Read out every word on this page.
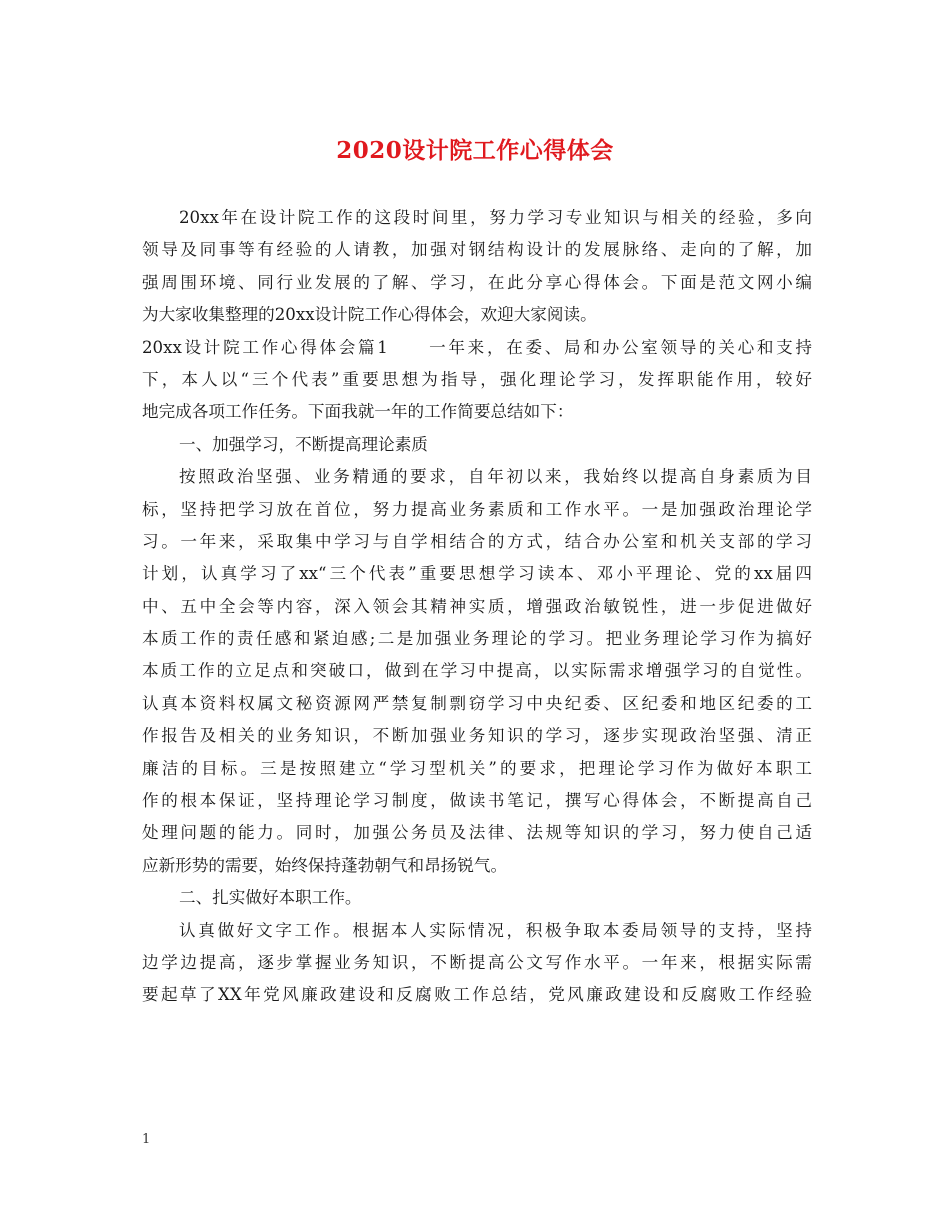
2020设计院工作心得体会
20xx年在设计院工作的这段时间里，努力学习专业知识与相关的经验，多向
领导及同事等有经验的人请教，加强对钢结构设计的发展脉络、走向的了解，加
强周围环境、同行业发展的了解、学习，在此分享心得体会。下面是范文网小编
为大家收集整理的20xx设计院工作心得体会，欢迎大家阅读。
20xx设计院工作心得体会篇1　　一年来，在委、局和办公室领导的关心和支持
下，本人以“三个代表”重要思想为指导，强化理论学习，发挥职能作用，较好
地完成各项工作任务。下面我就一年的工作简要总结如下：
一、加强学习，不断提高理论素质
按照政治坚强、业务精通的要求，自年初以来，我始终以提高自身素质为目
标，坚持把学习放在首位，努力提高业务素质和工作水平。一是加强政治理论学
习。一年来，采取集中学习与自学相结合的方式，结合办公室和机关支部的学习
计划，认真学习了xx“三个代表”重要思想学习读本、邓小平理论、党的xx届四
中、五中全会等内容，深入领会其精神实质，增强政治敏锐性，进一步促进做好
本质工作的责任感和紧迫感;二是加强业务理论的学习。把业务理论学习作为搞好
本质工作的立足点和突破口，做到在学习中提高，以实际需求增强学习的自觉性。
认真本资料权属文秘资源网严禁复制剽窃学习中央纪委、区纪委和地区纪委的工
作报告及相关的业务知识，不断加强业务知识的学习，逐步实现政治坚强、清正
廉洁的目标。三是按照建立“学习型机关”的要求，把理论学习作为做好本职工
作的根本保证，坚持理论学习制度，做读书笔记，撰写心得体会，不断提高自己
处理问题的能力。同时，加强公务员及法律、法规等知识的学习，努力使自己适
应新形势的需要，始终保持蓬勃朝气和昂扬锐气。
二、扎实做好本职工作。
认真做好文字工作。根据本人实际情况，积极争取本委局领导的支持，坚持
边学边提高，逐步掌握业务知识，不断提高公文写作水平。一年来，根据实际需
要起草了XX年党风廉政建设和反腐败工作总结，党风廉政建设和反腐败工作经验
1
